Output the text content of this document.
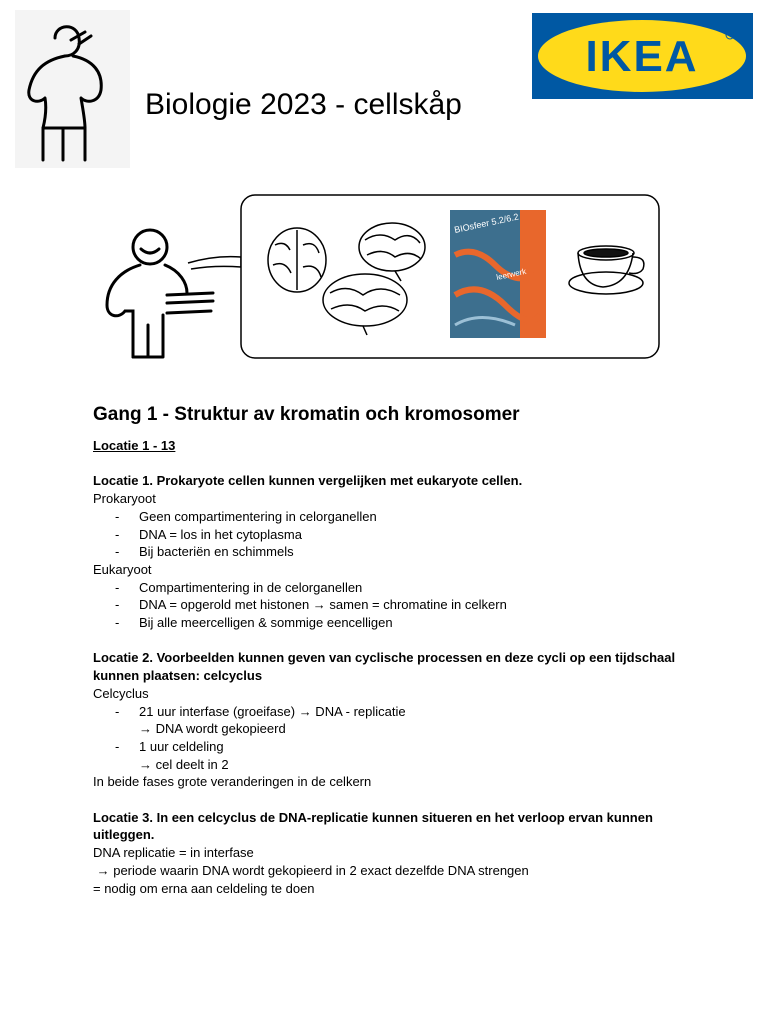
Biologie 2023 - cellskåp
IKEA
BIOsfeer 5.2/6.2
leerwerk
Gang 1 - Struktur av kromatin och kromosomer
Locatie 1 - 13
Locatie 1. Prokaryote cellen kunnen vergelijken met eukaryote cellen.
Prokaryoot
- Geen compartimentering in celorganellen
- DNA = los in het cytoplasma
- Bij bacteriën en schimmels
Eukaryoot
- Compartimentering in de celorganellen
- DNA = opgerold met histonen → samen = chromatine in celkern
- Bij alle meercelligen & sommige eencelligen
Locatie 2. Voorbeelden kunnen geven van cyclische processen en deze cycli op een tijdschaal kunnen plaatsen: celcyclus
Celcyclus
- 21 uur interfase (groeifase) → DNA - replicatie
→ DNA wordt gekopieerd
- 1 uur celdeling
→ cel deelt in 2
In beide fases grote veranderingen in de celkern
Locatie 3. In een celcyclus de DNA-replicatie kunnen situeren en het verloop ervan kunnen uitleggen.
DNA replicatie = in interfase
→ periode waarin DNA wordt gekopieerd in 2 exact dezelfde DNA strengen
= nodig om erna aan celdeling te doen
